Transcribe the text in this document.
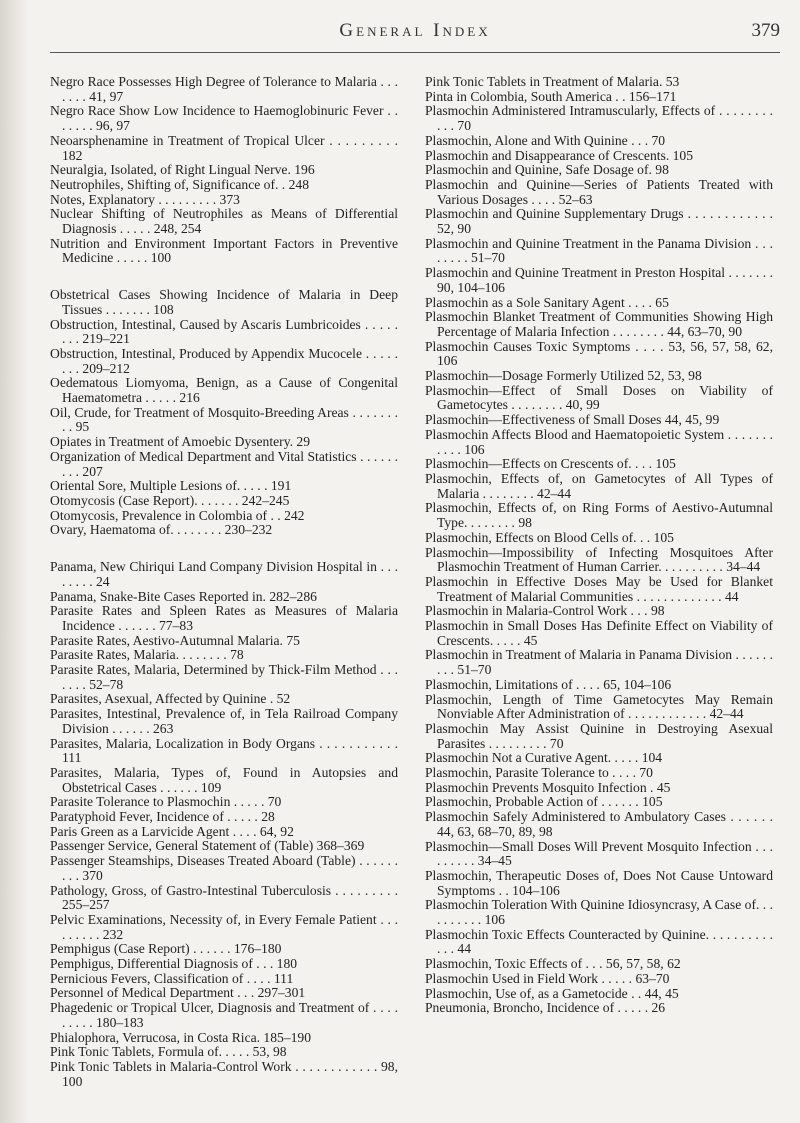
General Index	379

Negro Race Possesses High Degree of Tolerance to Malaria . . . . . . . 41, 97

Negro Race Show Low Incidence to Haemoglobinuric Fever . . . . . . . 96, 97

Neoarsphenamine in Treatment of Tropical Ulcer . . . . . . . . . 182

Neuralgia, Isolated, of Right Lingual Nerve. 196

Neutrophiles, Shifting of, Significance of. . 248

Notes, Explanatory . . . . . . . . . 373

Nuclear Shifting of Neutrophiles as Means of Differential Diagnosis . . . . . 248, 254

Nutrition and Environment Important Factors in Preventive Medicine . . . . . 100

Obstetrical Cases Showing Incidence of Malaria in Deep Tissues . . . . . . . 108

Obstruction, Intestinal, Caused by Ascaris Lumbricoides . . . . . . . . 219–221

Obstruction, Intestinal, Produced by Appendix Mucocele . . . . . . . . 209–212

Oedematous Liomyoma, Benign, as a Cause of Congenital Haematometra . . . . . 216

Oil, Crude, for Treatment of Mosquito-Breeding Areas . . . . . . . . . 95

Opiates in Treatment of Amoebic Dysentery. 29

Organization of Medical Department and Vital Statistics . . . . . . . . . 207

Oriental Sore, Multiple Lesions of. . . . . 191

Otomycosis (Case Report). . . . . . . 242–245

Otomycosis, Prevalence in Colombia of . . 242

Ovary, Haematoma of. . . . . . . . 230–232

Panama, New Chiriqui Land Company Division Hospital in . . . . . . . . 24

Panama, Snake-Bite Cases Reported in. 282–286

Parasite Rates and Spleen Rates as Measures of Malaria Incidence . . . . . . 77–83

Parasite Rates, Aestivo-Autumnal Malaria. 75

Parasite Rates, Malaria. . . . . . . . 78

Parasite Rates, Malaria, Determined by Thick-Film Method . . . . . . . 52–78

Parasites, Asexual, Affected by Quinine . 52

Parasites, Intestinal, Prevalence of, in Tela Railroad Company Division . . . . . . 263

Parasites, Malaria, Localization in Body Organs . . . . . . . . . . . 111

Parasites, Malaria, Types of, Found in Autopsies and Obstetrical Cases . . . . . . 109

Parasite Tolerance to Plasmochin . . . . . 70

Paratyphoid Fever, Incidence of . . . . . 28

Paris Green as a Larvicide Agent . . . . 64, 92

Passenger Service, General Statement of (Table) 368–369

Passenger Steamships, Diseases Treated Aboard (Table) . . . . . . . . . 370

Pathology, Gross, of Gastro-Intestinal Tuberculosis . . . . . . . . . 255–257

Pelvic Examinations, Necessity of, in Every Female Patient . . . . . . . . . 232

Pemphigus (Case Report) . . . . . . 176–180

Pemphigus, Differential Diagnosis of . . . 180

Pernicious Fevers, Classification of . . . . 111

Personnel of Medical Department . . . 297–301

Phagedenic or Tropical Ulcer, Diagnosis and Treatment of . . . . . . . . . 180–183

Phialophora, Verrucosa, in Costa Rica. 185–190

Pink Tonic Tablets, Formula of. . . . . 53, 98

Pink Tonic Tablets in Malaria-Control Work . . . . . . . . . . . . 98, 100

Pink Tonic Tablets in Treatment of Malaria. 53

Pinta in Colombia, South America . . 156–171

Plasmochin Administered Intramuscularly, Effects of . . . . . . . . . . . 70

Plasmochin, Alone and With Quinine . . . 70

Plasmochin and Disappearance of Crescents. 105

Plasmochin and Quinine, Safe Dosage of. 98

Plasmochin and Quinine—Series of Patients Treated with Various Dosages . . . . 52–63

Plasmochin and Quinine Supplementary Drugs . . . . . . . . . . . . 52, 90

Plasmochin and Quinine Treatment in the Panama Division . . . . . . . . 51–70

Plasmochin and Quinine Treatment in Preston Hospital . . . . . . . 90, 104–106

Plasmochin as a Sole Sanitary Agent . . . . 65

Plasmochin Blanket Treatment of Communities Showing High Percentage of Malaria Infection . . . . . . . . 44, 63–70, 90

Plasmochin Causes Toxic Symptoms . . . . 53, 56, 57, 58, 62, 106

Plasmochin—Dosage Formerly Utilized 52, 53, 98

Plasmochin—Effect of Small Doses on Viability of Gametocytes . . . . . . . . 40, 99

Plasmochin—Effectiveness of Small Doses 44, 45, 99

Plasmochin Affects Blood and Haematopoietic System . . . . . . . . . . . 106

Plasmochin—Effects on Crescents of. . . . 105

Plasmochin, Effects of, on Gametocytes of All Types of Malaria . . . . . . . . 42–44

Plasmochin, Effects of, on Ring Forms of Aestivo-Autumnal Type. . . . . . . . 98

Plasmochin, Effects on Blood Cells of. . . 105

Plasmochin—Impossibility of Infecting Mosquitoes After Plasmochin Treatment of Human Carrier. . . . . . . . . . 34–44

Plasmochin in Effective Doses May be Used for Blanket Treatment of Malarial Communities . . . . . . . . . . . . . 44

Plasmochin in Malaria-Control Work . . . 98

Plasmochin in Small Doses Has Definite Effect on Viability of Crescents. . . . . 45

Plasmochin in Treatment of Malaria in Panama Division . . . . . . . . . 51–70

Plasmochin, Limitations of . . . . 65, 104–106

Plasmochin, Length of Time Gametocytes May Remain Nonviable After Administration of . . . . . . . . . . . . 42–44

Plasmochin May Assist Quinine in Destroying Asexual Parasites . . . . . . . . . 70

Plasmochin Not a Curative Agent. . . . . 104

Plasmochin, Parasite Tolerance to . . . . 70

Plasmochin Prevents Mosquito Infection . 45

Plasmochin, Probable Action of . . . . . . 105

Plasmochin Safely Administered to Ambulatory Cases . . . . . . 44, 63, 68–70, 89, 98

Plasmochin—Small Doses Will Prevent Mosquito Infection . . . . . . . . . 34–45

Plasmochin, Therapeutic Doses of, Does Not Cause Untoward Symptoms . . 104–106

Plasmochin Toleration With Quinine Idiosyncrasy, A Case of. . . . . . . . . . 106

Plasmochin Toxic Effects Counteracted by Quinine. . . . . . . . . . . . . 44

Plasmochin, Toxic Effects of . . . 56, 57, 58, 62

Plasmochin Used in Field Work . . . . . 63–70

Plasmochin, Use of, as a Gametocide . . 44, 45

Pneumonia, Broncho, Incidence of . . . . . 26
